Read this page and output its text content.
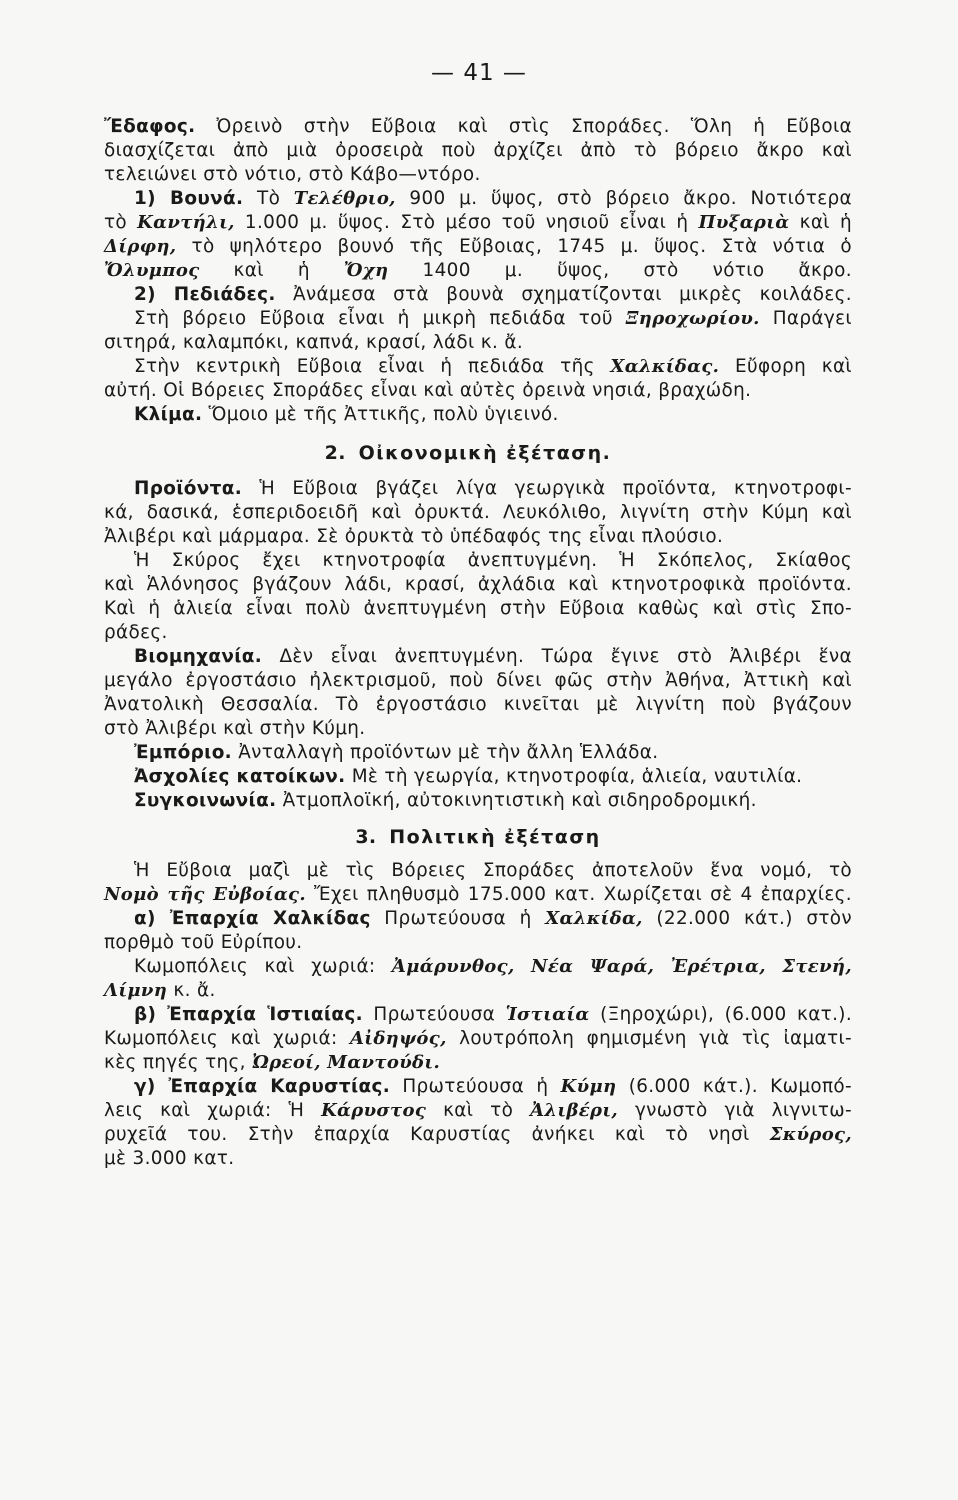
— 41 —

Ἔδαφος. Ὀρεινὸ στὴν Εὔβοια καὶ στὶς Σποράδες. Ὅλη ἡ Εὔβοια

διασχίζεται ἀπὸ μιὰ ὀροσειρὰ ποὺ ἀρχίζει ἀπὸ τὸ βόρειο ἄκρο καὶ

τελειώνει στὸ νότιο, στὸ Κάβο—ντόρο.

1) Βουνά. Τὸ Τελέθριο, 900 μ. ὕψος, στὸ βόρειο ἄκρο. Νοτιότερα

τὸ Καντήλι, 1.000 μ. ὕψος. Στὸ μέσο τοῦ νησιοῦ εἶναι ἡ Πυξαριὰ καὶ ἡ

Δίρφη, τὸ ψηλότερο βουνό τῆς Εὔβοιας, 1745 μ. ὕψος. Στὰ νότια ὁ Ὄλυμπος καὶ ἡ Ὄχη 1400 μ. ὕψος, στὸ νότιο ἄκρο.

2) Πεδιάδες. Ἀνάμεσα στὰ βουνὰ σχηματίζονται μικρὲς κοιλάδες.

Στὴ βόρειο Εὔβοια εἶναι ἡ μικρὴ πεδιάδα τοῦ Ξηροχωρίου. Παράγει

σιτηρά, καλαμπόκι, καπνά, κρασί, λάδι κ. ἄ.

Στὴν κεντρικὴ Εὔβοια εἶναι ἡ πεδιάδα τῆς Χαλκίδας. Εὔφορη καὶ

αὐτή. Οἱ Βόρειες Σποράδες εἶναι καὶ αὐτὲς ὀρεινὰ νησιά, βραχώδη.

Κλίμα. Ὅμοιο μὲ τῆς Ἀττικῆς, πολὺ ὑγιεινό.

2. Οἰκονομικὴ ἐξέταση.

Προϊόντα. Ἡ Εὔβοια βγάζει λίγα γεωργικὰ προϊόντα, κτηνοτροφι-

κά, δασικά, ἑσπεριδοειδῆ καὶ ὀρυκτά. Λευκόλιθο, λιγνίτη στὴν Κύμη καὶ

Ἀλιβέρι καὶ μάρμαρα. Σὲ ὀρυκτὰ τὸ ὑπέδαφός της εἶναι πλούσιο.

Ἡ Σκύρος ἔχει κτηνοτροφία ἀνεπτυγμένη. Ἡ Σκόπελος, Σκίαθος

καὶ Ἁλόνησος βγάζουν λάδι, κρασί, ἀχλάδια καὶ κτηνοτροφικὰ προϊόντα.

Καὶ ἡ ἁλιεία εἶναι πολὺ ἀνεπτυγμένη στὴν Εὔβοια καθὼς καὶ στὶς Σπο-

ράδες.

Βιομηχανία. Δὲν εἶναι ἀνεπτυγμένη. Τώρα ἔγινε στὸ Ἀλιβέρι ἕνα

μεγάλο ἐργοστάσιο ἠλεκτρισμοῦ, ποὺ δίνει φῶς στὴν Ἀθήνα, Ἀττικὴ καὶ

Ἀνατολικὴ Θεσσαλία. Τὸ ἐργοστάσιο κινεῖται μὲ λιγνίτη ποὺ βγάζουν

στὸ Ἀλιβέρι καὶ στὴν Κύμη.

Ἐμπόριο. Ἀνταλλαγὴ προϊόντων μὲ τὴν ἄλλη Ἑλλάδα.

Ἀσχολίες κατοίκων. Μὲ τὴ γεωργία, κτηνοτροφία, ἁλιεία, ναυτιλία.

Συγκοινωνία. Ἀτμοπλοϊκή, αὐτοκινητιστικὴ καὶ σιδηροδρομική.

3. Πολιτικὴ ἐξέταση

Ἡ Εὔβοια μαζὶ μὲ τὶς Βόρειες Σποράδες ἀποτελοῦν ἕνα νομό, τὸ

Νομὸ τῆς Εὐβοίας. Ἔχει πληθυσμὸ 175.000 κατ. Χωρίζεται σὲ 4 ἐπαρχίες.

α) Ἐπαρχία Χαλκίδας Πρωτεύουσα ἡ Χαλκίδα, (22.000 κάτ.) στὸν

πορθμὸ τοῦ Εὐρίπου.

Κωμοπόλεις καὶ χωριά: Ἀμάρυνθος, Νέα Ψαρά, Ἐρέτρια, Στενή,

Λίμνη κ. ἄ.

β) Ἐπαρχία Ἱστιαίας. Πρωτεύουσα Ἱστιαία (Ξηροχώρι), (6.000 κατ.).

Κωμοπόλεις καὶ χωριά: Αἰδηψός, λουτρόπολη φημισμένη γιὰ τὶς ἰαματι-

κὲς πηγές της, Ὠρεοί, Μαντούδι.

γ) Ἐπαρχία Καρυστίας. Πρωτεύουσα ἡ Κύμη (6.000 κάτ.). Κωμοπό-

λεις καὶ χωριά: Ἡ Κάρυστος καὶ τὸ Ἀλιβέρι, γνωστὸ γιὰ λιγνιτω-

ρυχεῖά του. Στὴν ἐπαρχία Καρυστίας ἀνήκει καὶ τὸ νησὶ Σκύρος,

μὲ 3.000 κατ.
